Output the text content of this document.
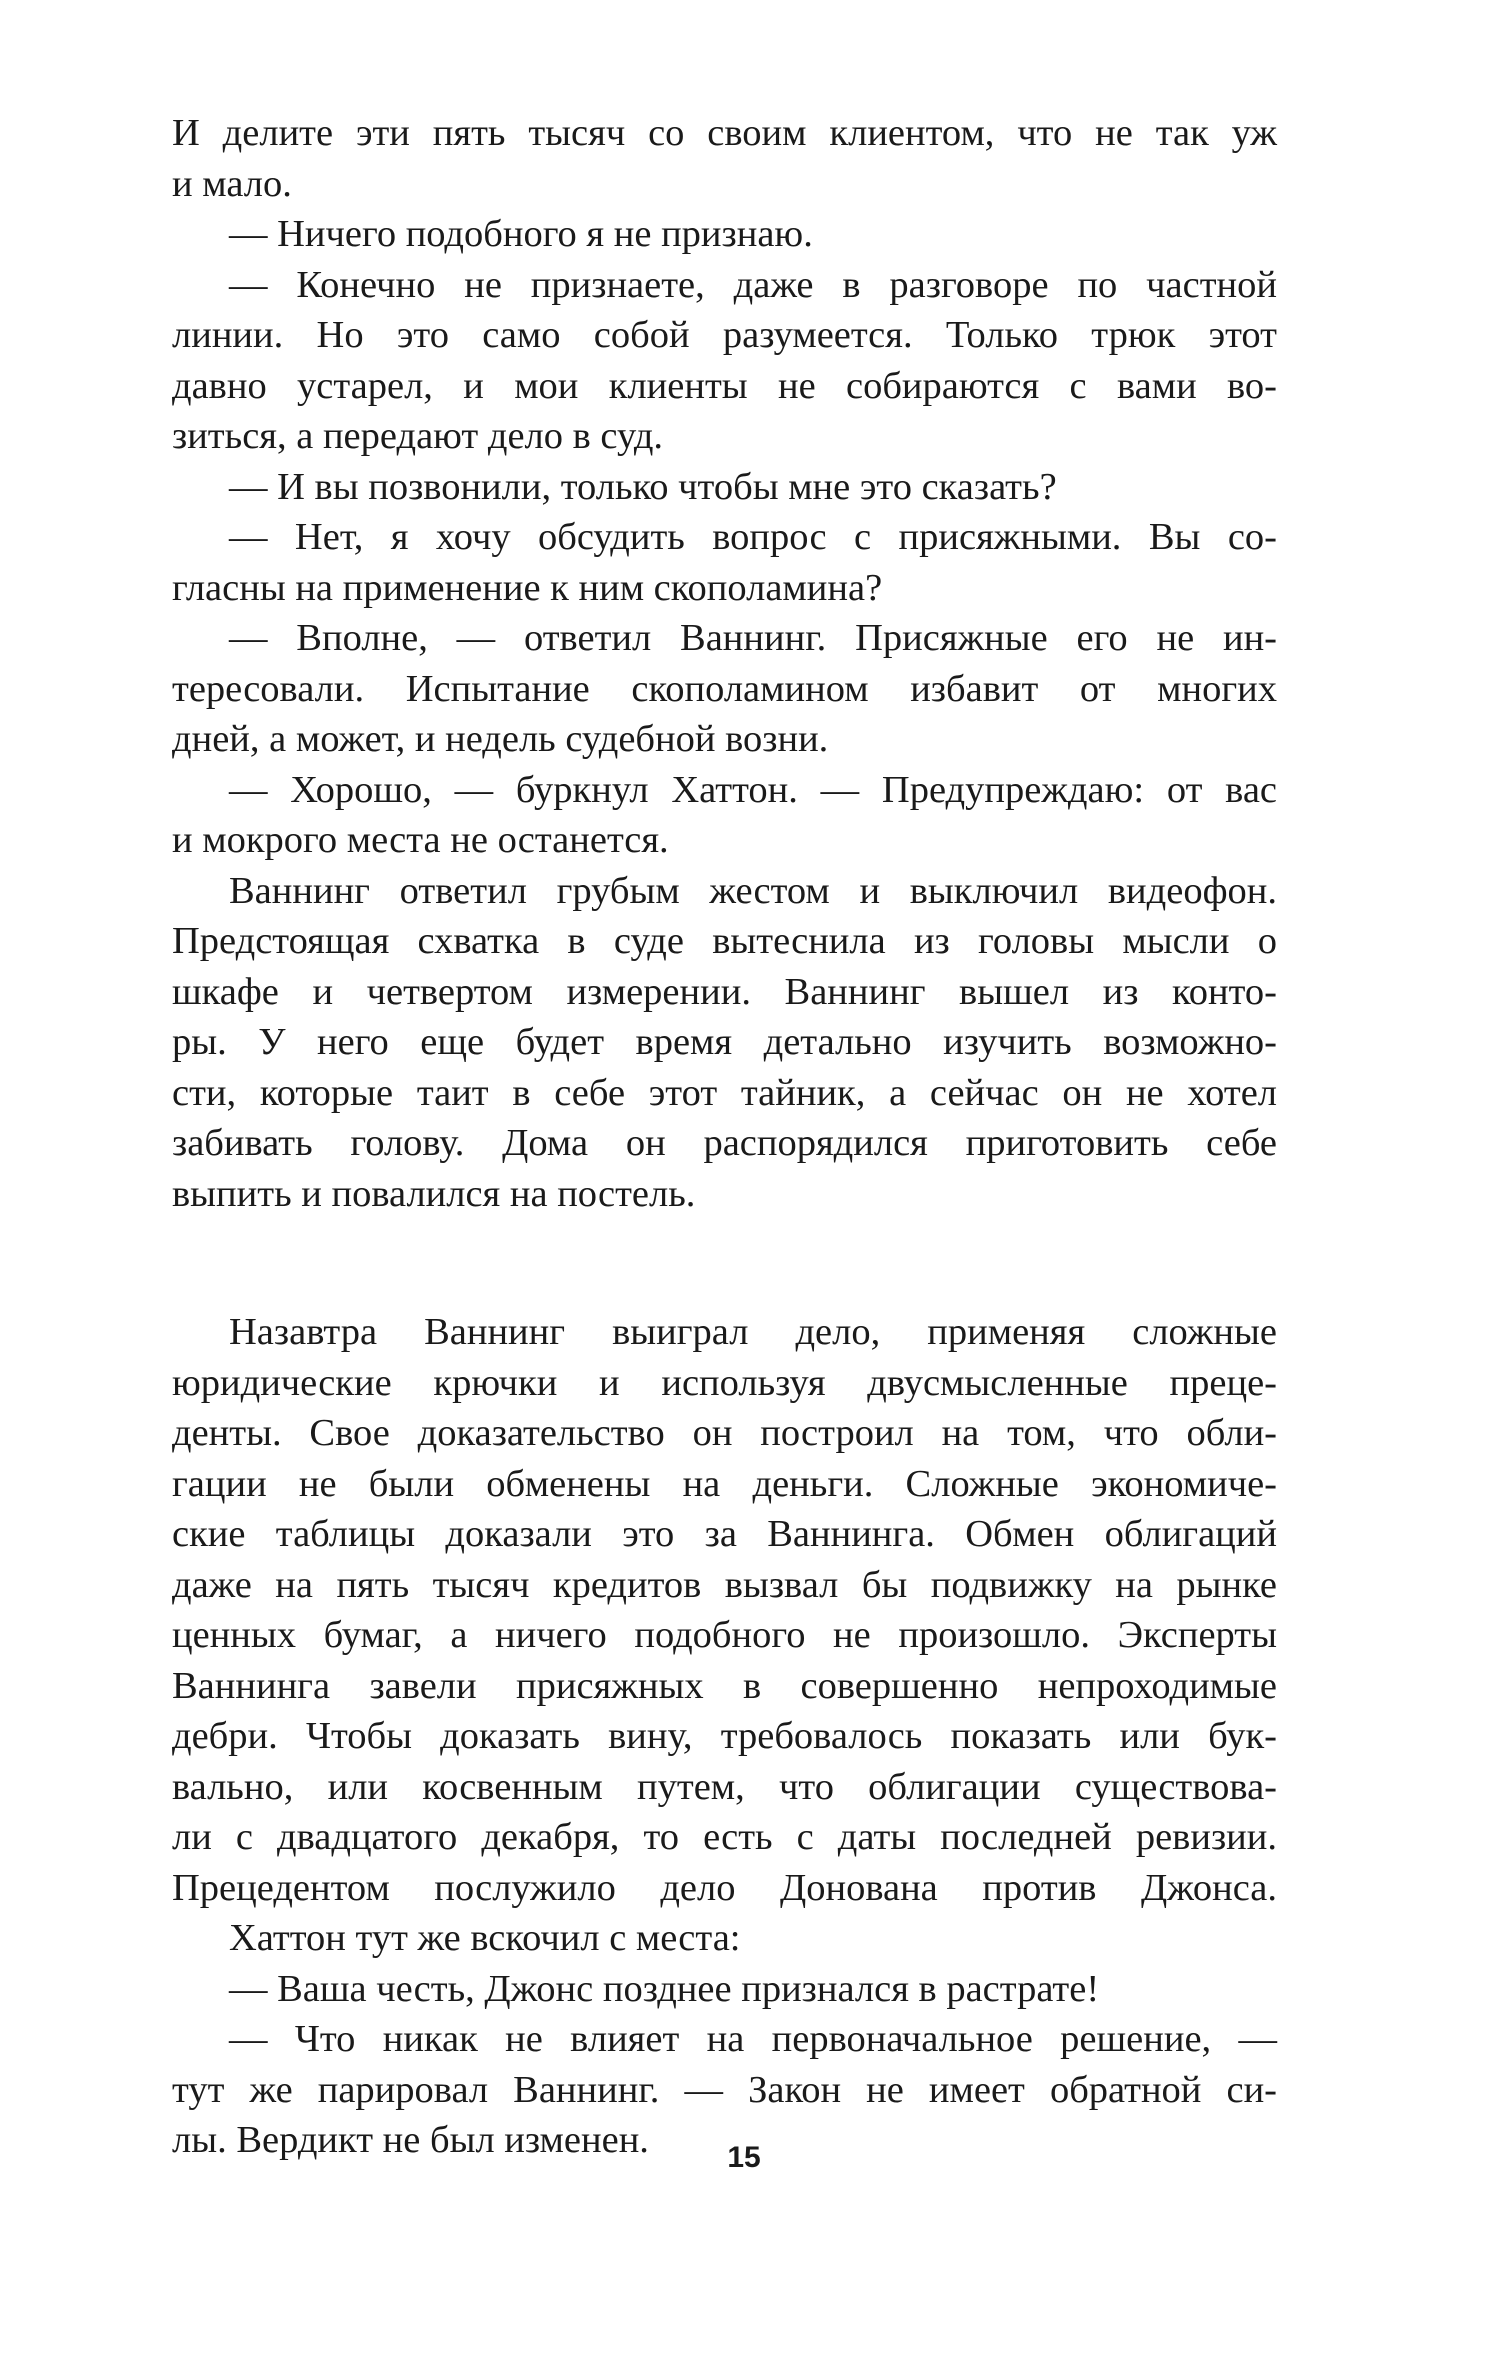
И делите эти пять тысяч со своим клиентом, что не так уж
и мало.
— Ничего подобного я не признаю.
— Конечно не признаете, даже в разговоре по частной
линии. Но это само собой разумеется. Только трюк этот
давно устарел, и мои клиенты не собираются с вами во-
зиться, а передают дело в суд.
— И вы позвонили, только чтобы мне это сказать?
— Нет, я хочу обсудить вопрос с присяжными. Вы со-
гласны на применение к ним скополамина?
— Вполне, — ответил Ваннинг. Присяжные его не ин-
тересовали. Испытание скополамином избавит от многих
дней, а может, и недель судебной возни.
— Хорошо, — буркнул Хаттон. — Предупреждаю: от вас
и мокрого места не останется.
Ваннинг ответил грубым жестом и выключил видеофон.
Предстоящая схватка в суде вытеснила из головы мысли о
шкафе и четвертом измерении. Ваннинг вышел из конто-
ры. У него еще будет время детально изучить возможно-
сти, которые таит в себе этот тайник, а сейчас он не хотел
забивать голову. Дома он распорядился приготовить себе
выпить и повалился на постель.
Назавтра Ваннинг выиграл дело, применяя сложные
юридические крючки и используя двусмысленные преце-
денты. Свое доказательство он построил на том, что обли-
гации не были обменены на деньги. Сложные экономиче-
ские таблицы доказали это за Ваннинга. Обмен облигаций
даже на пять тысяч кредитов вызвал бы подвижку на рынке
ценных бумаг, а ничего подобного не произошло. Эксперты
Ваннинга завели присяжных в совершенно непроходимые
дебри. Чтобы доказать вину, требовалось показать или бук-
вально, или косвенным путем, что облигации существова-
ли с двадцатого декабря, то есть с даты последней ревизии.
Прецедентом послужило дело Донована против Джонса.
Хаттон тут же вскочил с места:
— Ваша честь, Джонс позднее признался в растрате!
— Что никак не влияет на первоначальное решение, —
тут же парировал Ваннинг. — Закон не имеет обратной си-
лы. Вердикт не был изменен.	15
